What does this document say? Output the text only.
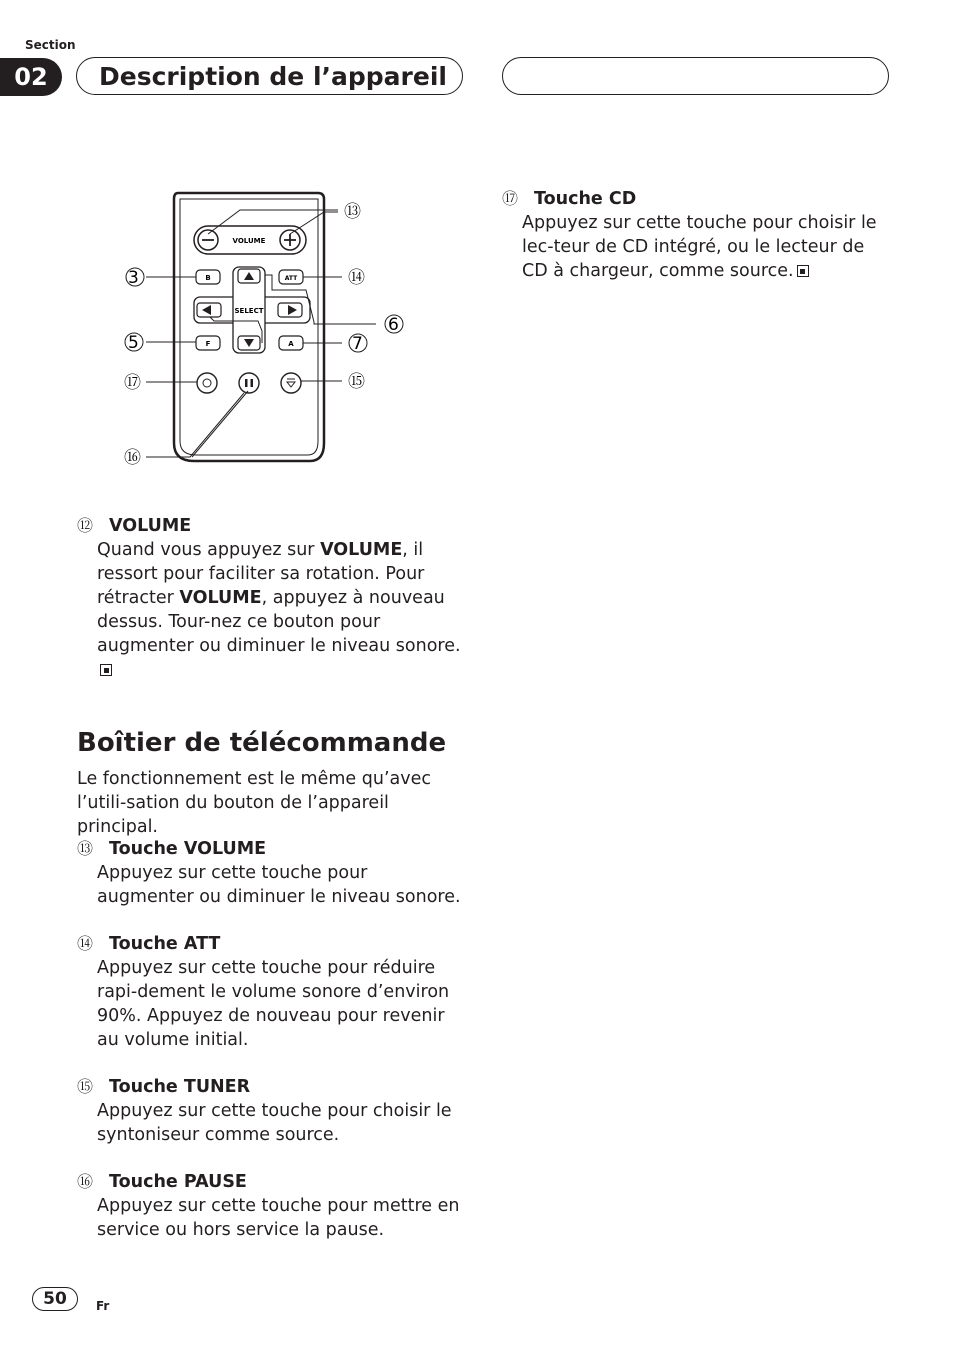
Section
02	Description de l’appareil
VOLUME
SELECT
B	ATT
F	A
⑬
3	⑭
6
5	7
⑰	⑮
⑯
⑫ VOLUME
Quand vous appuyez sur VOLUME, il ressort pour faciliter sa rotation. Pour rétracter VOLUME, appuyez à nouveau dessus. Tour-nez ce bouton pour augmenter ou diminuer le niveau sonore.
Boîtier de télécommande
Le fonctionnement est le même qu’avec l’utili-sation du bouton de l’appareil principal.
⑬ Touche VOLUME
Appuyez sur cette touche pour augmenter ou diminuer le niveau sonore.
⑭ Touche ATT
Appuyez sur cette touche pour réduire rapi-dement le volume sonore d’environ 90%. Appuyez de nouveau pour revenir au volume initial.
⑮ Touche TUNER
Appuyez sur cette touche pour choisir le syntoniseur comme source.
⑯ Touche PAUSE
Appuyez sur cette touche pour mettre en service ou hors service la pause.
⑰ Touche CD
Appuyez sur cette touche pour choisir le lec-teur de CD intégré, ou le lecteur de CD à chargeur, comme source.
50	Fr
